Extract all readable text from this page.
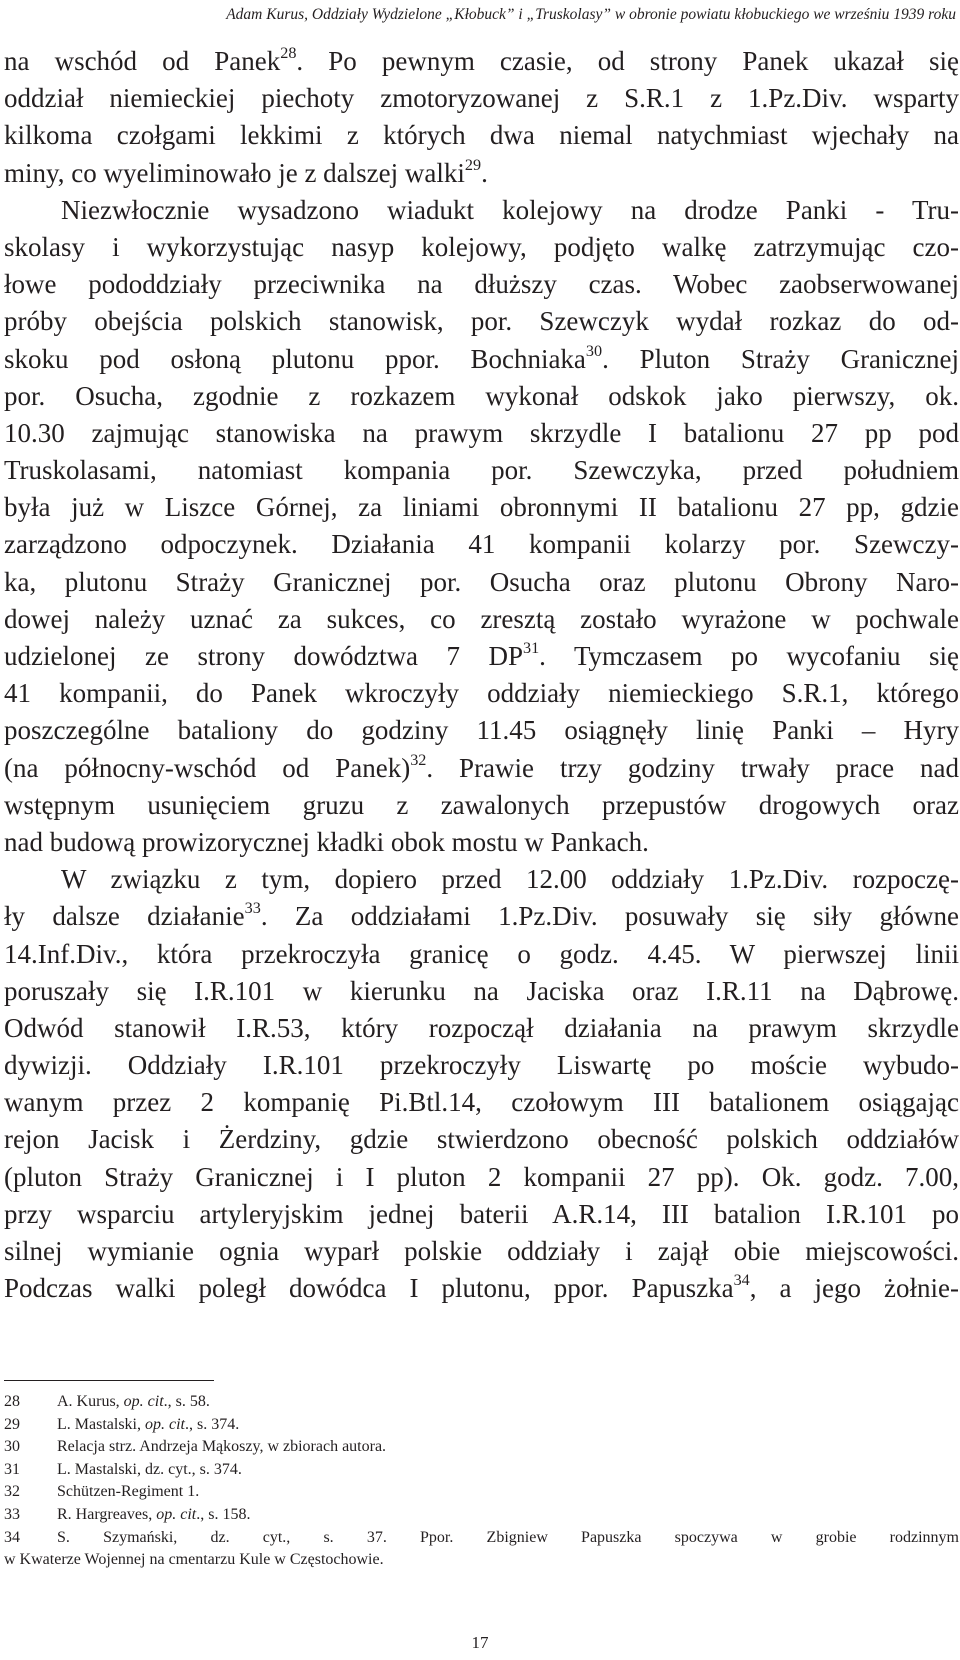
Adam Kurus, Oddziały Wydzielone „Kłobuck” i „Truskolasy” w obronie powiatu kłobuckiego we wrześniu 1939 roku
na wschód od Panek$^{28}$. Po pewnym czasie, od strony Panek ukazał się
oddział niemieckiej piechoty zmotoryzowanej z S.R.1 z 1.Pz.Div. wsparty
kilkoma czołgami lekkimi z których dwa niemal natychmiast wjechały na
miny, co wyeliminowało je z dalszej walki$^{29}$.
Niezwłocznie wysadzono wiadukt kolejowy na drodze Panki - Tru-
skolasy i wykorzystując nasyp kolejowy, podjęto walkę zatrzymując czo-
łowe pododdziały przeciwnika na dłuższy czas. Wobec zaobserwowanej
próby obejścia polskich stanowisk, por. Szewczyk wydał rozkaz do od-
skoku pod osłoną plutonu ppor. Bochniaka$^{30}$. Pluton Straży Granicznej
por. Osucha, zgodnie z rozkazem wykonał odskok jako pierwszy, ok.
10.30 zajmując stanowiska na prawym skrzydle I batalionu 27 pp pod
Truskolasami, natomiast kompania por. Szewczyka, przed południem
była już w Liszce Górnej, za liniami obronnymi II batalionu 27 pp, gdzie
zarządzono odpoczynek. Działania 41 kompanii kolarzy por. Szewczy-
ka, plutonu Straży Granicznej por. Osucha oraz plutonu Obrony Naro-
dowej należy uznać za sukces, co zresztą zostało wyrażone w pochwale
udzielonej ze strony dowództwa 7 DP$^{31}$. Tymczasem po wycofaniu się
41 kompanii, do Panek wkroczyły oddziały niemieckiego S.R.1, którego
poszczególne bataliony do godziny 11.45 osiągnęły linię Panki – Hyry
(na północny-wschód od Panek)$^{32}$. Prawie trzy godziny trwały prace nad
wstępnym usunięciem gruzu z zawalonych przepustów drogowych oraz
nad budową prowizorycznej kładki obok mostu w Pankach.
W związku z tym, dopiero przed 12.00 oddziały 1.Pz.Div. rozpoczę-
ły dalsze działanie$^{33}$. Za oddziałami 1.Pz.Div. posuwały się siły główne
14.Inf.Div., która przekroczyła granicę o godz. 4.45. W pierwszej linii
poruszały się I.R.101 w kierunku na Jaciska oraz I.R.11 na Dąbrowę.
Odwód stanowił I.R.53, który rozpoczął działania na prawym skrzydle
dywizji. Oddziały I.R.101 przekroczyły Liswartę po moście wybudo-
wanym przez 2 kompanię Pi.Btl.14, czołowym III batalionem osiągając
rejon Jacisk i Żerdziny, gdzie stwierdzono obecność polskich oddziałów
(pluton Straży Granicznej i I pluton 2 kompanii 27 pp). Ok. godz. 7.00,
przy wsparciu artyleryjskim jednej baterii A.R.14, III batalion I.R.101 po
silnej wymianie ognia wyparł polskie oddziały i zajął obie miejscowości.
Podczas walki poległ dowódca I plutonu, ppor. Papuszka$^{34}$, a jego żołnie-
28 A. Kurus, op. cit., s. 58.
29 L. Mastalski, op. cit., s. 374.
30 Relacja strz. Andrzeja Mąkoszy, w zbiorach autora.
31 L. Mastalski, dz. cyt., s. 374.
32 Schützen-Regiment 1.
33 R. Hargreaves, op. cit., s. 158.
34 S. Szymański, dz. cyt., s. 37. Ppor. Zbigniew Papuszka spoczywa w grobie rodzinnym
w Kwaterze Wojennej na cmentarzu Kule w Częstochowie.
17
